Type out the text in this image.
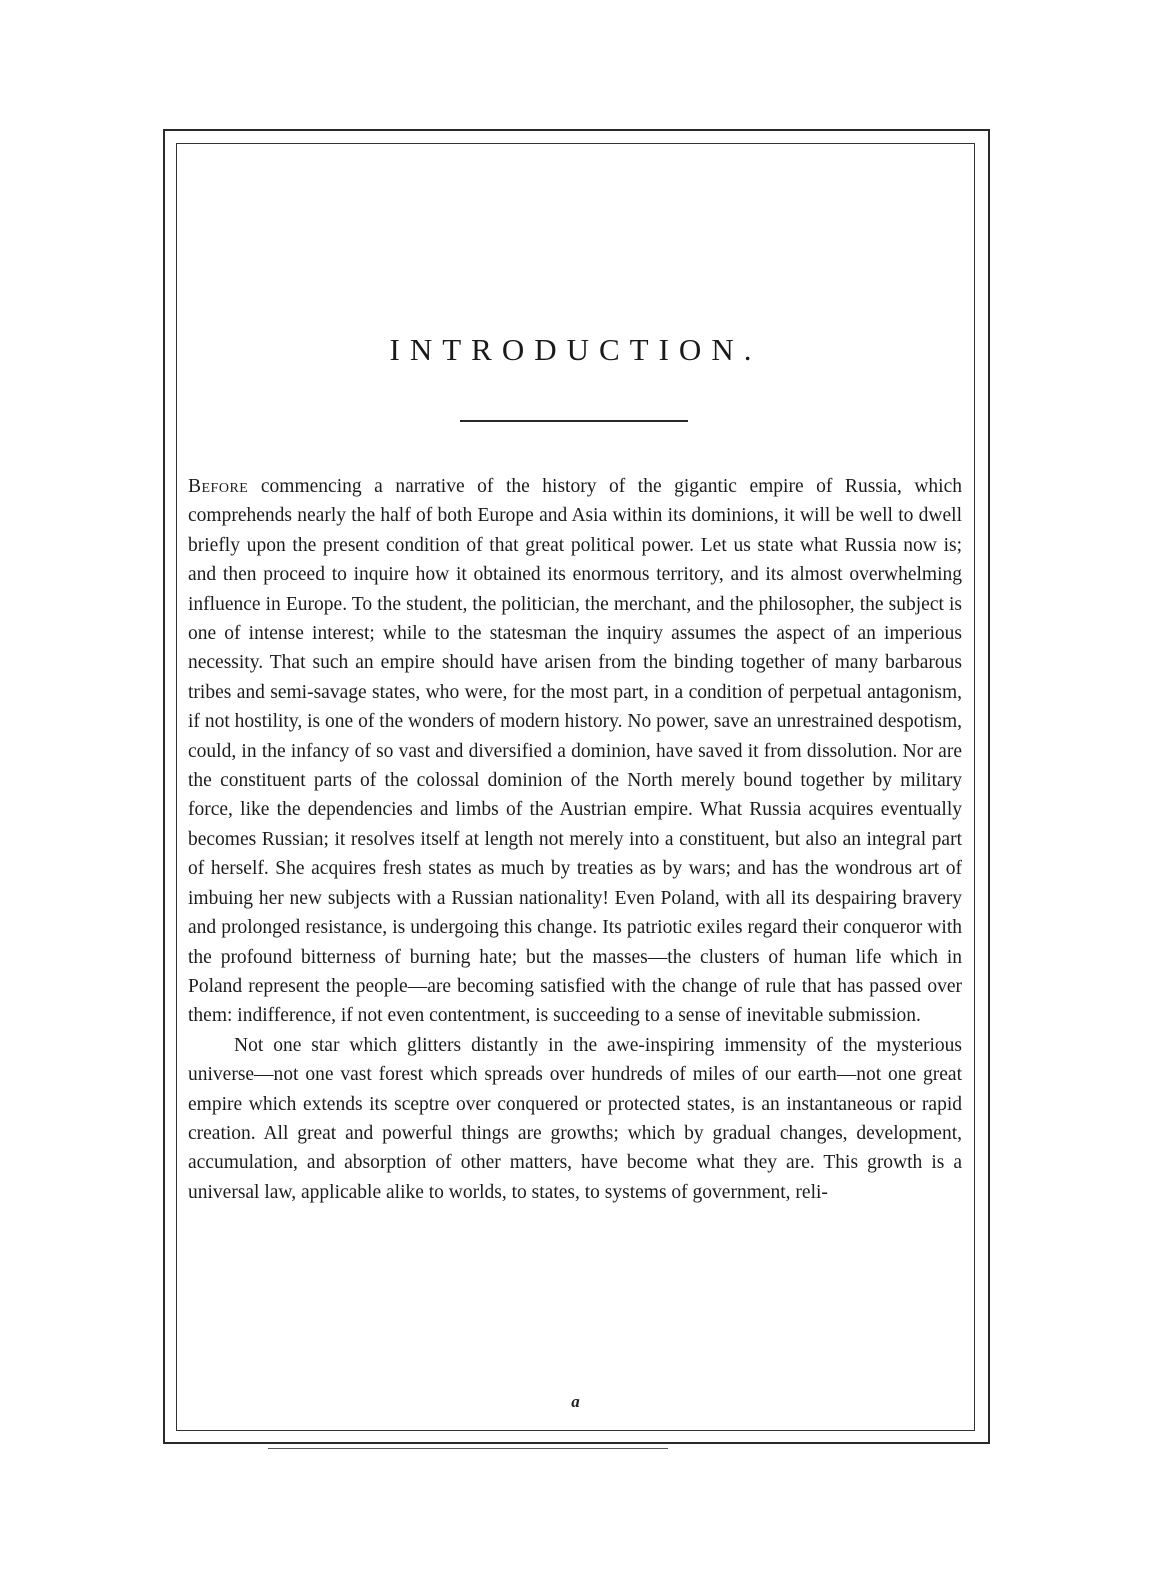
INTRODUCTION.

Before commencing a narrative of the history of the gigantic empire of Russia, which comprehends nearly the half of both Europe and Asia within its dominions, it will be well to dwell briefly upon the present condition of that great political power. Let us state what Russia now is; and then proceed to inquire how it obtained its enormous territory, and its almost overwhelming influence in Europe. To the student, the politician, the merchant, and the philosopher, the subject is one of intense interest; while to the statesman the inquiry assumes the aspect of an imperious necessity. That such an empire should have arisen from the binding together of many barbarous tribes and semi-savage states, who were, for the most part, in a condition of perpetual antagonism, if not hostility, is one of the wonders of modern history. No power, save an unrestrained despotism, could, in the infancy of so vast and diversified a dominion, have saved it from dissolution. Nor are the constituent parts of the colossal dominion of the North merely bound together by military force, like the dependencies and limbs of the Austrian empire. What Russia acquires eventually becomes Russian; it resolves itself at length not merely into a constituent, but also an integral part of herself. She acquires fresh states as much by treaties as by wars; and has the wondrous art of imbuing her new subjects with a Russian nationality! Even Poland, with all its despairing bravery and prolonged resistance, is undergoing this change. Its patriotic exiles regard their conqueror with the profound bitterness of burning hate; but the masses—the clusters of human life which in Poland represent the people—are becoming satisfied with the change of rule that has passed over them: indifference, if not even contentment, is succeeding to a sense of inevitable submission.

Not one star which glitters distantly in the awe-inspiring immensity of the mysterious universe—not one vast forest which spreads over hundreds of miles of our earth—not one great empire which extends its sceptre over conquered or protected states, is an instantaneous or rapid creation. All great and powerful things are growths; which by gradual changes, development, accumulation, and absorption of other matters, have become what they are. This growth is a universal law, applicable alike to worlds, to states, to systems of government, reli-

a
